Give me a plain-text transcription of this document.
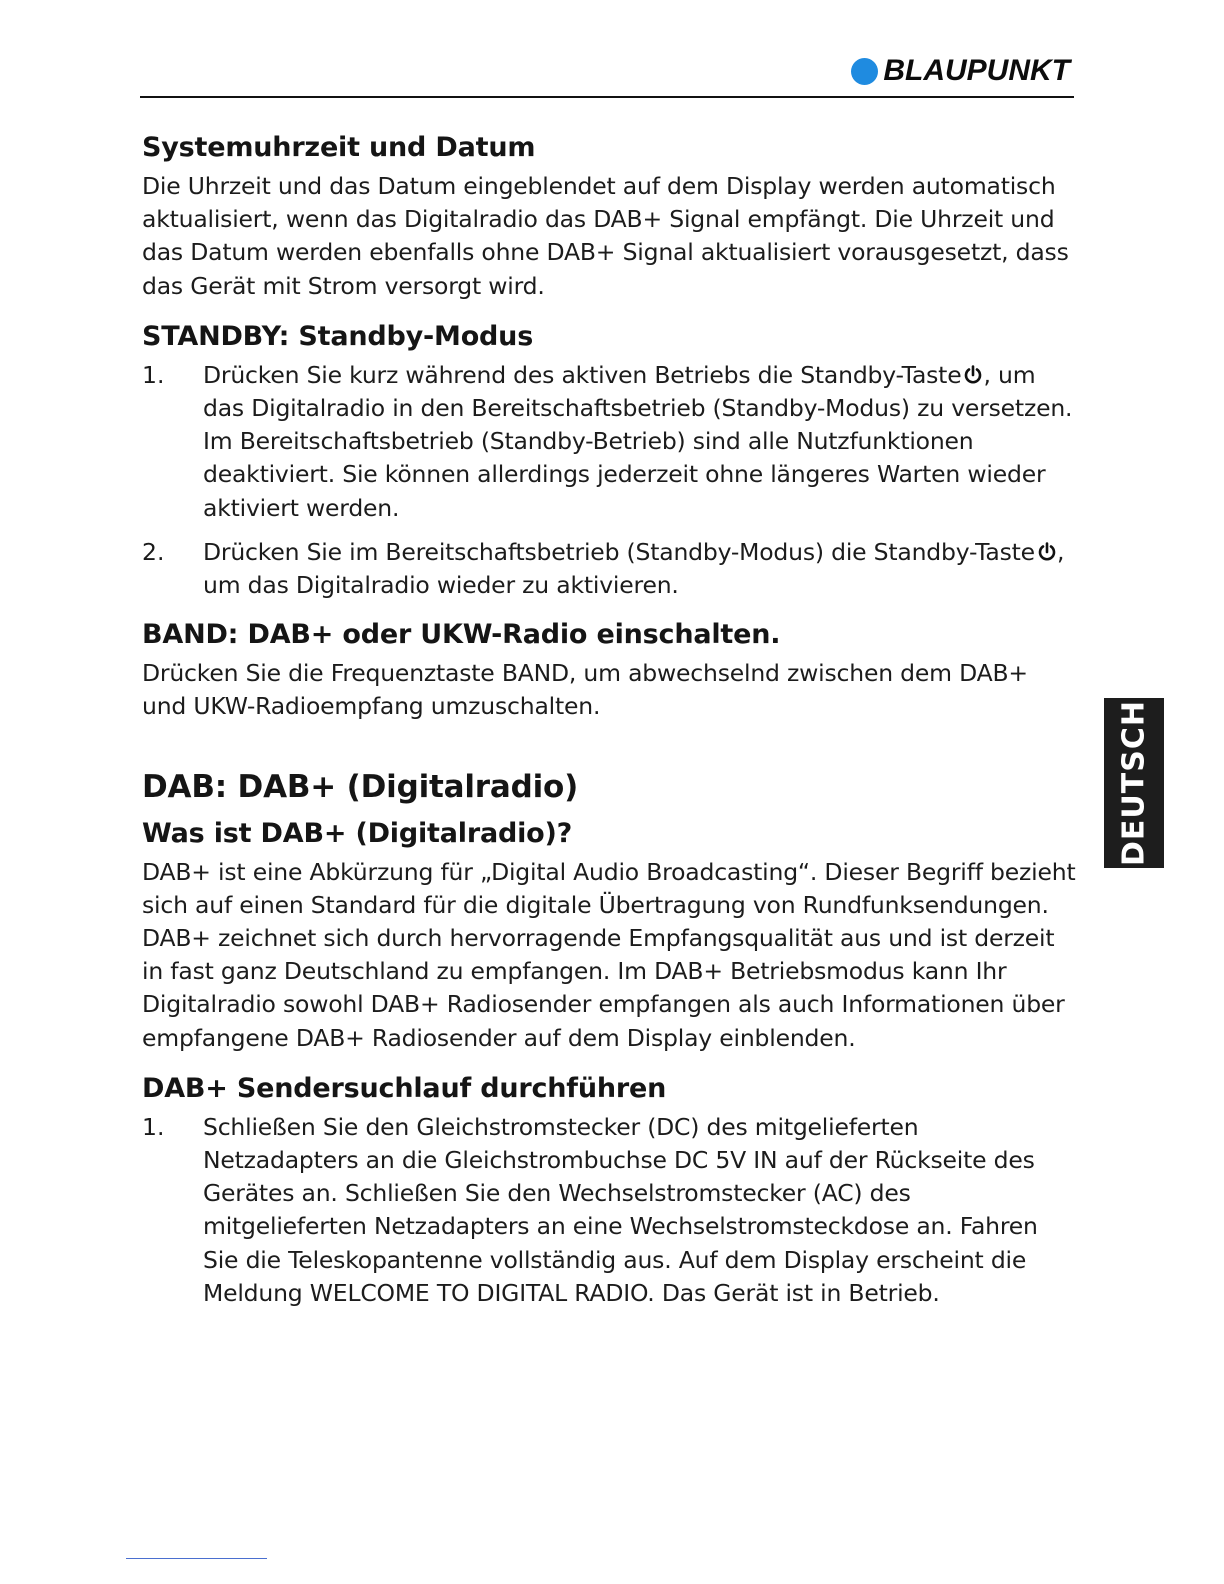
BLAUPUNKT
DEUTSCH
Systemuhrzeit und Datum

Die Uhrzeit und das Datum eingeblendet auf dem Display werden automatisch aktualisiert, wenn das Digitalradio das DAB+ Signal empfängt. Die Uhrzeit und das Datum werden ebenfalls ohne DAB+ Signal aktualisiert vorausgesetzt, dass das Gerät mit Strom versorgt wird.

STANDBY: Standby-Modus
1. Drücken Sie kurz während des aktiven Betriebs die Standby-Taste , um das Digitalradio in den Bereitschaftsbetrieb (Standby-Modus) zu versetzen. Im Bereitschaftsbetrieb (Standby-Betrieb) sind alle Nutzfunktionen deaktiviert. Sie können allerdings jederzeit ohne längeres Warten wieder aktiviert werden.

2. Drücken Sie im Bereitschaftsbetrieb (Standby-Modus) die Standby-Taste , um das Digitalradio wieder zu aktivieren.

BAND: DAB+ oder UKW-Radio einschalten.

Drücken Sie die Frequenztaste BAND, um abwechselnd zwischen dem DAB+ und UKW-Radioempfang umzuschalten.

DAB: DAB+ (Digitalradio)
Was ist DAB+ (Digitalradio)?

DAB+ ist eine Abkürzung für „Digital Audio Broadcasting“. Dieser Begriff bezieht sich auf einen Standard für die digitale Übertragung von Rundfunksendungen. DAB+ zeichnet sich durch hervorragende Empfangsqualität aus und ist derzeit in fast ganz Deutschland zu empfangen. Im DAB+ Betriebsmodus kann Ihr Digitalradio sowohl DAB+ Radiosender empfangen als auch Informationen über empfangene DAB+ Radiosender auf dem Display einblenden.

DAB+ Sendersuchlauf durchführen
1. Schließen Sie den Gleichstromstecker (DC) des mitgelieferten Netzadapters an die Gleichstrombuchse DC 5V IN auf der Rückseite des Gerätes an. Schließen Sie den Wechselstromstecker (AC) des mitgelieferten Netzadapters an eine Wechselstromsteckdose an. Fahren Sie die Teleskopantenne vollständig aus. Auf dem Display erscheint die Meldung WELCOME TO DIGITAL RADIO. Das Gerät ist in Betrieb.
